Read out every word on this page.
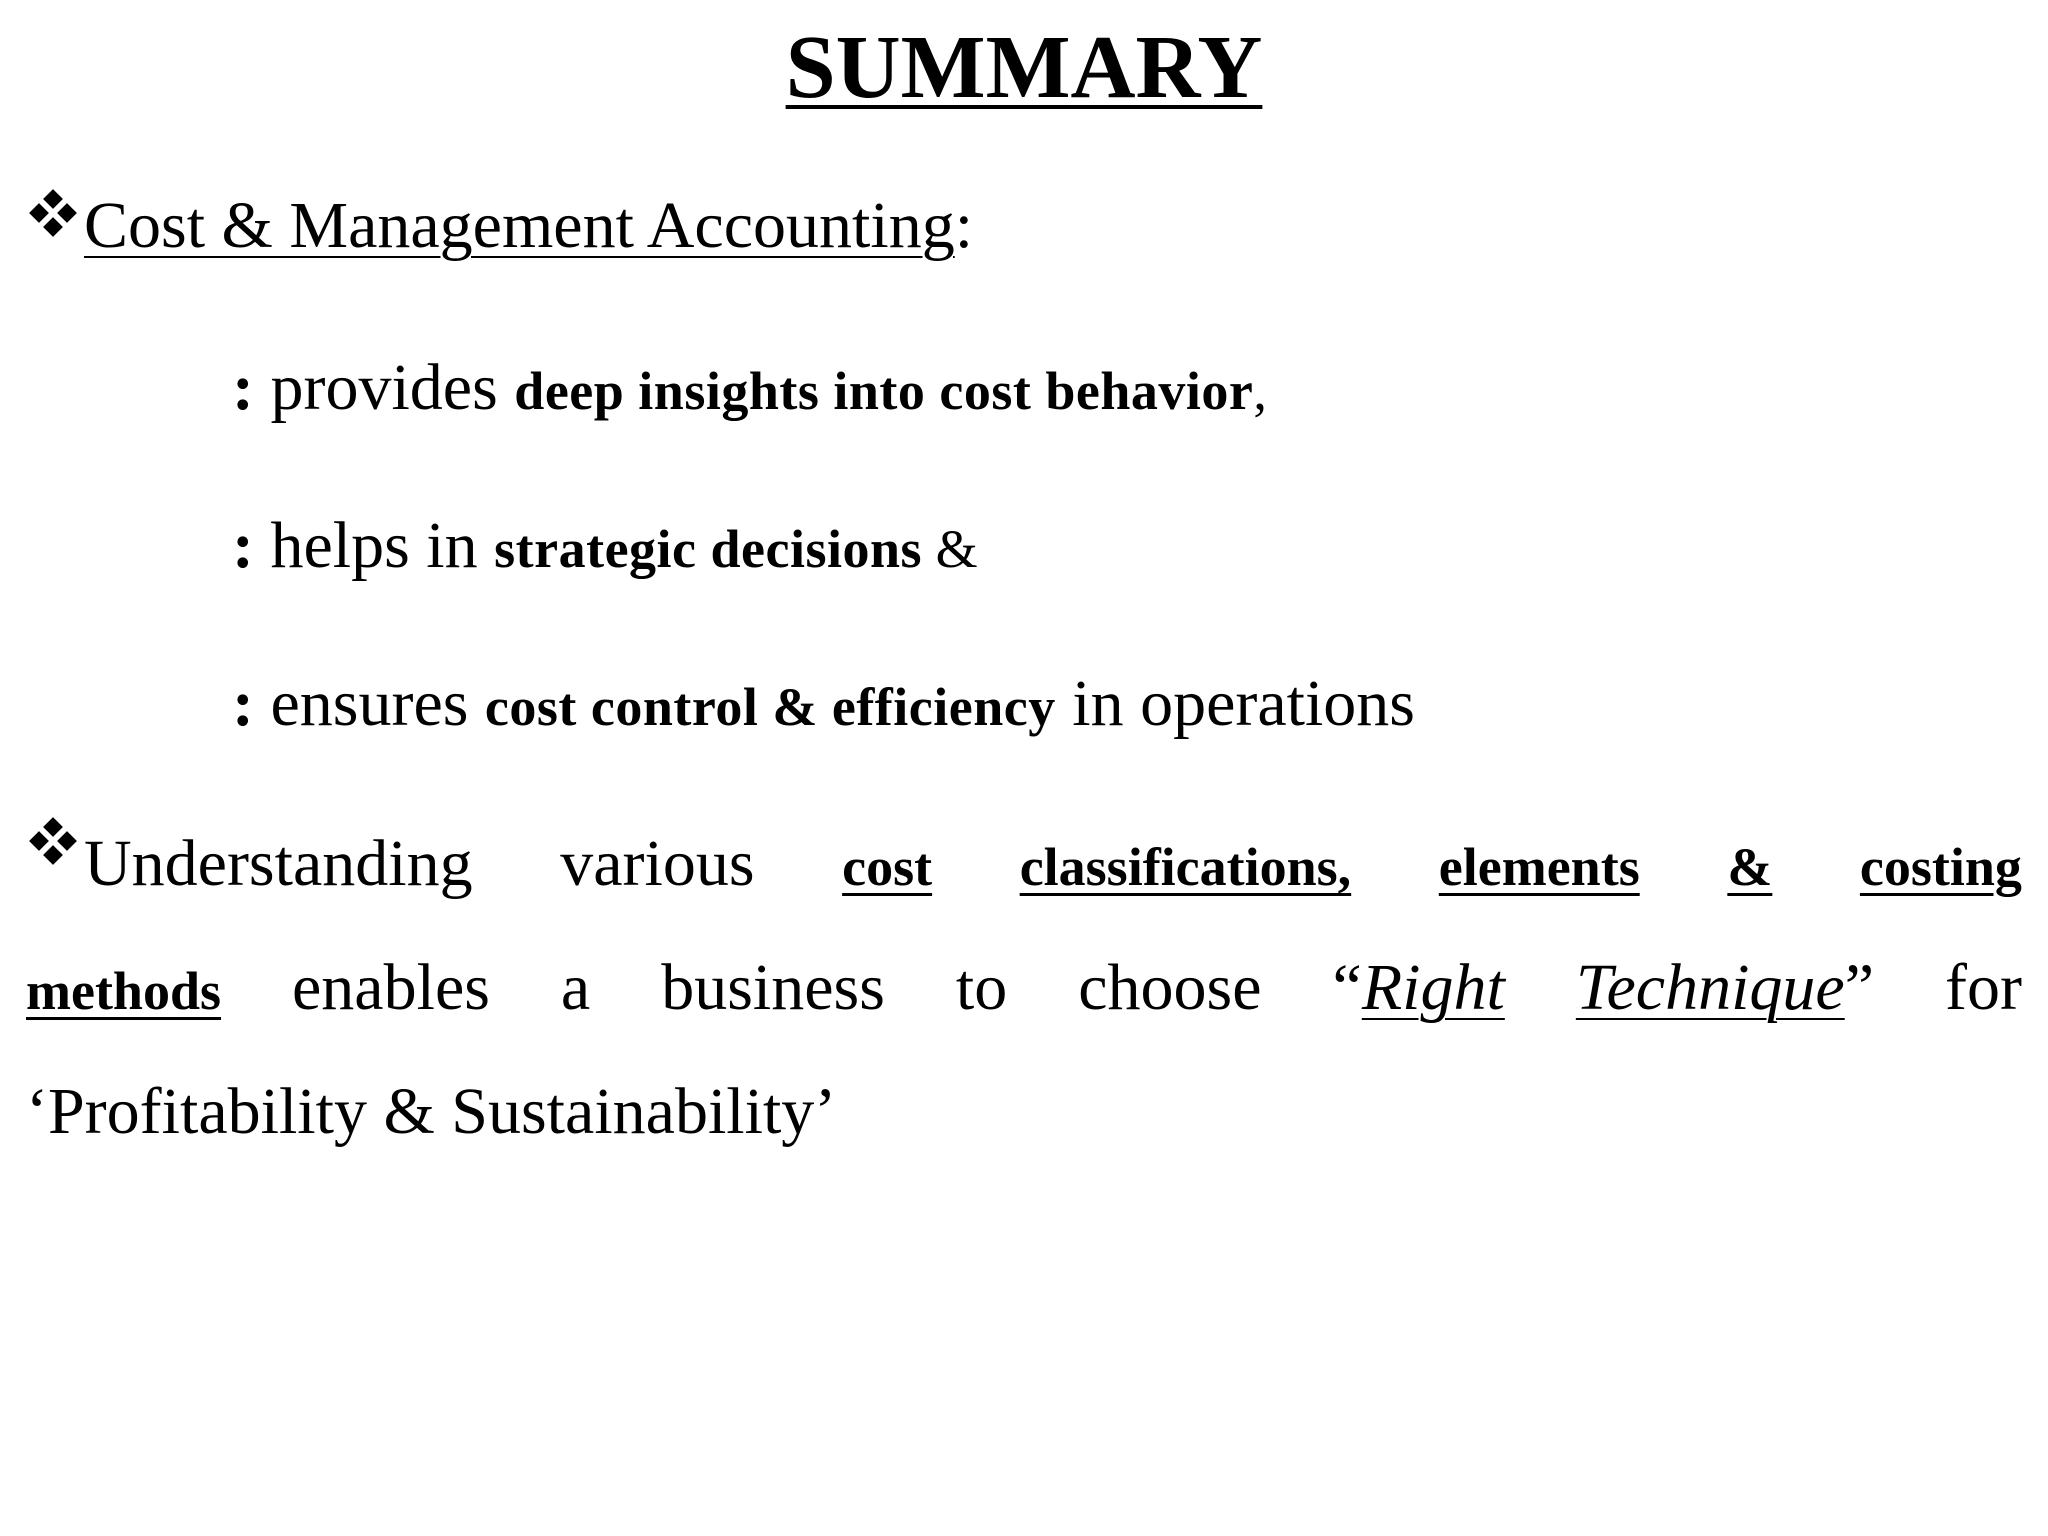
SUMMARY
Cost & Management Accounting:
: provides deep insights into cost behavior,
: helps in strategic decisions &
: ensures cost control & efficiency in operations
Understanding various cost classifications, elements & costing
methods enables a business to choose “Right Technique” for
‘Profitability & Sustainability’
